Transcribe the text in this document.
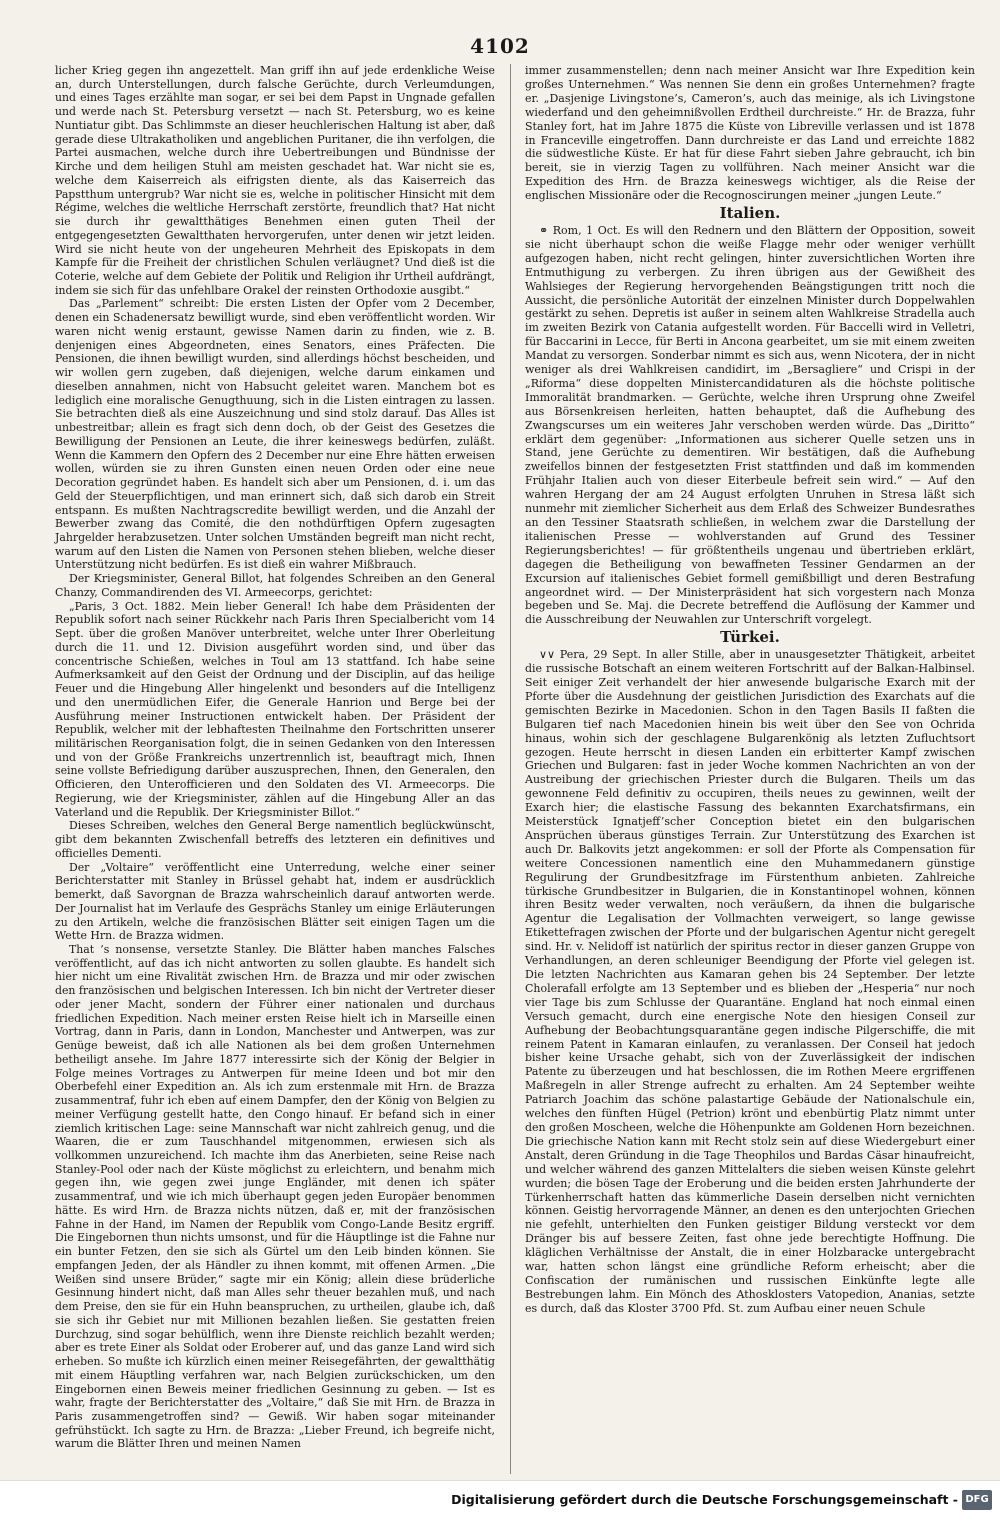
4102

licher Krieg gegen ihn angezettelt. Man griff ihn auf jede erdenkliche Weise an, durch Unterstellungen, durch falsche Gerüchte, durch Verleumdungen, und eines Tages erzählte man sogar, er sei bei dem Papst in Ungnade gefallen und werde nach St. Petersburg versetzt — nach St. Petersburg, wo es keine Nuntiatur gibt. Das Schlimmste an dieser heuchlerischen Haltung ist aber, daß gerade diese Ultrakatholiken und angeblichen Puritaner, die ihn verfolgen, die Partei ausmachen, welche durch ihre Uebertreibungen und Bündnisse der Kirche und dem heiligen Stuhl am meisten geschadet hat. War nicht sie es, welche dem Kaiserreich als eifrigsten diente, als das Kaiserreich das Papstthum untergrub? War nicht sie es, welche in politischer Hinsicht mit dem Régime, welches die weltliche Herrschaft zerstörte, freundlich that? Hat nicht sie durch ihr gewaltthätiges Benehmen einen guten Theil der entgegengesetzten Gewaltthaten hervorgerufen, unter denen wir jetzt leiden. Wird sie nicht heute von der ungeheuren Mehrheit des Episkopats in dem Kampfe für die Freiheit der christlichen Schulen verläugnet? Und dieß ist die Coterie, welche auf dem Gebiete der Politik und Religion ihr Urtheil aufdrängt, indem sie sich für das unfehlbare Orakel der reinsten Orthodoxie ausgibt.“

Das „Parlement“ schreibt: Die ersten Listen der Opfer vom 2 December, denen ein Schadenersatz bewilligt wurde, sind eben veröffentlicht worden. Wir waren nicht wenig erstaunt, gewisse Namen darin zu finden, wie z. B. denjenigen eines Abgeordneten, eines Senators, eines Präfecten. Die Pensionen, die ihnen bewilligt wurden, sind allerdings höchst bescheiden, und wir wollen gern zugeben, daß diejenigen, welche darum einkamen und dieselben annahmen, nicht von Habsucht geleitet waren. Manchem bot es lediglich eine moralische Genugthuung, sich in die Listen eintragen zu lassen. Sie betrachten dieß als eine Auszeichnung und sind stolz darauf. Das Alles ist unbestreitbar; allein es fragt sich denn doch, ob der Geist des Gesetzes die Bewilligung der Pensionen an Leute, die ihrer keineswegs bedürfen, zuläßt. Wenn die Kammern den Opfern des 2 December nur eine Ehre hätten erweisen wollen, würden sie zu ihren Gunsten einen neuen Orden oder eine neue Decoration gegründet haben. Es handelt sich aber um Pensionen, d. i. um das Geld der Steuerpflichtigen, und man erinnert sich, daß sich darob ein Streit entspann. Es mußten Nachtragscredite bewilligt werden, und die Anzahl der Bewerber zwang das Comité, die den nothdürftigen Opfern zugesagten Jahrgelder herabzusetzen. Unter solchen Umständen begreift man nicht recht, warum auf den Listen die Namen von Personen stehen blieben, welche dieser Unterstützung nicht bedürfen. Es ist dieß ein wahrer Mißbrauch.

Der Kriegsminister, General Billot, hat folgendes Schreiben an den General Chanzy, Commandirenden des VI. Armeecorps, gerichtet:

„Paris, 3 Oct. 1882. Mein lieber General! Ich habe dem Präsidenten der Republik sofort nach seiner Rückkehr nach Paris Ihren Specialbericht vom 14 Sept. über die großen Manöver unterbreitet, welche unter Ihrer Oberleitung durch die 11. und 12. Division ausgeführt worden sind, und über das concentrische Schießen, welches in Toul am 13 stattfand. Ich habe seine Aufmerksamkeit auf den Geist der Ordnung und der Disciplin, auf das heilige Feuer und die Hingebung Aller hingelenkt und besonders auf die Intelligenz und den unermüdlichen Eifer, die Generale Hanrion und Berge bei der Ausführung meiner Instructionen entwickelt haben. Der Präsident der Republik, welcher mit der lebhaftesten Theilnahme den Fortschritten unserer militärischen Reorganisation folgt, die in seinen Gedanken von den Interessen und von der Größe Frankreichs unzertrennlich ist, beauftragt mich, Ihnen seine vollste Befriedigung darüber auszusprechen, Ihnen, den Generalen, den Officieren, den Unterofficieren und den Soldaten des VI. Armeecorps. Die Regierung, wie der Kriegsminister, zählen auf die Hingebung Aller an das Vaterland und die Republik. Der Kriegsminister Billot.“

Dieses Schreiben, welches den General Berge namentlich beglückwünscht, gibt dem bekannten Zwischenfall betreffs des letzteren ein definitives und officielles Dementi.

Der „Voltaire“ veröffentlicht eine Unterredung, welche einer seiner Berichterstatter mit Stanley in Brüssel gehabt hat, indem er ausdrücklich bemerkt, daß Savorgnan de Brazza wahrscheinlich darauf antworten werde. Der Journalist hat im Verlaufe des Gesprächs Stanley um einige Erläuterungen zu den Artikeln, welche die französischen Blätter seit einigen Tagen um die Wette Hrn. de Brazza widmen.

That ’s nonsense, versetzte Stanley. Die Blätter haben manches Falsches veröffentlicht, auf das ich nicht antworten zu sollen glaubte. Es handelt sich hier nicht um eine Rivalität zwischen Hrn. de Brazza und mir oder zwischen den französischen und belgischen Interessen. Ich bin nicht der Vertreter dieser oder jener Macht, sondern der Führer einer nationalen und durchaus friedlichen Expedition. Nach meiner ersten Reise hielt ich in Marseille einen Vortrag, dann in Paris, dann in London, Manchester und Antwerpen, was zur Genüge beweist, daß ich alle Nationen als bei dem großen Unternehmen betheiligt ansehe. Im Jahre 1877 interessirte sich der König der Belgier in Folge meines Vortrages zu Antwerpen für meine Ideen und bot mir den Oberbefehl einer Expedition an. Als ich zum erstenmale mit Hrn. de Brazza zusammentraf, fuhr ich eben auf einem Dampfer, den der König von Belgien zu meiner Verfügung gestellt hatte, den Congo hinauf. Er befand sich in einer ziemlich kritischen Lage: seine Mannschaft war nicht zahlreich genug, und die Waaren, die er zum Tauschhandel mitgenommen, erwiesen sich als vollkommen unzureichend. Ich machte ihm das Anerbieten, seine Reise nach Stanley-Pool oder nach der Küste möglichst zu erleichtern, und benahm mich gegen ihn, wie gegen zwei junge Engländer, mit denen ich später zusammentraf, und wie ich mich überhaupt gegen jeden Europäer benommen hätte. Es wird Hrn. de Brazza nichts nützen, daß er, mit der französischen Fahne in der Hand, im Namen der Republik vom Congo-Lande Besitz ergriff. Die Eingebornen thun nichts umsonst, und für die Häuptlinge ist die Fahne nur ein bunter Fetzen, den sie sich als Gürtel um den Leib binden können. Sie empfangen Jeden, der als Händler zu ihnen kommt, mit offenen Armen. „Die Weißen sind unsere Brüder,“ sagte mir ein König; allein diese brüderliche Gesinnung hindert nicht, daß man Alles sehr theuer bezahlen muß, und nach dem Preise, den sie für ein Huhn beanspruchen, zu urtheilen, glaube ich, daß sie sich ihr Gebiet nur mit Millionen bezahlen ließen. Sie gestatten freien Durchzug, sind sogar behülflich, wenn ihre Dienste reichlich bezahlt werden; aber es trete Einer als Soldat oder Eroberer auf, und das ganze Land wird sich erheben. So mußte ich kürzlich einen meiner Reisegefährten, der gewaltthätig mit einem Häuptling verfahren war, nach Belgien zurückschicken, um den Eingebornen einen Beweis meiner friedlichen Gesinnung zu geben. — Ist es wahr, fragte der Berichterstatter des „Voltaire,“ daß Sie mit Hrn. de Brazza in Paris zusammengetroffen sind? — Gewiß. Wir haben sogar miteinander gefrühstückt. Ich sagte zu Hrn. de Brazza: „Lieber Freund, ich begreife nicht, warum die Blätter Ihren und meinen Namen

immer zusammenstellen; denn nach meiner Ansicht war Ihre Expedition kein großes Unternehmen.“ Was nennen Sie denn ein großes Unternehmen? fragte er. „Dasjenige Livingstone’s, Cameron’s, auch das meinige, als ich Livingstone wiederfand und den geheimnißvollen Erdtheil durchreiste.“ Hr. de Brazza, fuhr Stanley fort, hat im Jahre 1875 die Küste von Libreville verlassen und ist 1878 in Franceville eingetroffen. Dann durchreiste er das Land und erreichte 1882 die südwestliche Küste. Er hat für diese Fahrt sieben Jahre gebraucht, ich bin bereit, sie in vierzig Tagen zu vollführen. Nach meiner Ansicht war die Expedition des Hrn. de Brazza keineswegs wichtiger, als die Reise der englischen Missionäre oder die Recognoscirungen meiner „jungen Leute.“

Italien.

⚭ Rom, 1 Oct. Es will den Rednern und den Blättern der Opposition, soweit sie nicht überhaupt schon die weiße Flagge mehr oder weniger verhüllt aufgezogen haben, nicht recht gelingen, hinter zuversichtlichen Worten ihre Entmuthigung zu verbergen. Zu ihren übrigen aus der Gewißheit des Wahlsieges der Regierung hervorgehenden Beängstigungen tritt noch die Aussicht, die persönliche Autorität der einzelnen Minister durch Doppelwahlen gestärkt zu sehen. Depretis ist außer in seinem alten Wahlkreise Stradella auch im zweiten Bezirk von Catania aufgestellt worden. Für Baccelli wird in Velletri, für Baccarini in Lecce, für Berti in Ancona gearbeitet, um sie mit einem zweiten Mandat zu versorgen. Sonderbar nimmt es sich aus, wenn Nicotera, der in nicht weniger als drei Wahlkreisen candidirt, im „Bersagliere“ und Crispi in der „Riforma“ diese doppelten Ministercandidaturen als die höchste politische Immoralität brandmarken. — Gerüchte, welche ihren Ursprung ohne Zweifel aus Börsenkreisen herleiten, hatten behauptet, daß die Aufhebung des Zwangscurses um ein weiteres Jahr verschoben werden würde. Das „Diritto“ erklärt dem gegenüber: „Informationen aus sicherer Quelle setzen uns in Stand, jene Gerüchte zu dementiren. Wir bestätigen, daß die Aufhebung zweifellos binnen der festgesetzten Frist stattfinden und daß im kommenden Frühjahr Italien auch von dieser Eiterbeule befreit sein wird.“ — Auf den wahren Hergang der am 24 August erfolgten Unruhen in Stresa läßt sich nunmehr mit ziemlicher Sicherheit aus dem Erlaß des Schweizer Bundesrathes an den Tessiner Staatsrath schließen, in welchem zwar die Darstellung der italienischen Presse — wohlverstanden auf Grund des Tessiner Regierungsberichtes! — für größtentheils ungenau und übertrieben erklärt, dagegen die Betheiligung von bewaffneten Tessiner Gendarmen an der Excursion auf italienisches Gebiet formell gemißbilligt und deren Bestrafung angeordnet wird. — Der Ministerpräsident hat sich vorgestern nach Monza begeben und Se. Maj. die Decrete betreffend die Auflösung der Kammer und die Ausschreibung der Neuwahlen zur Unterschrift vorgelegt.

Türkei.

∨∨ Pera, 29 Sept. In aller Stille, aber in unausgesetzter Thätigkeit, arbeitet die russische Botschaft an einem weiteren Fortschritt auf der Balkan-Halbinsel. Seit einiger Zeit verhandelt der hier anwesende bulgarische Exarch mit der Pforte über die Ausdehnung der geistlichen Jurisdiction des Exarchats auf die gemischten Bezirke in Macedonien. Schon in den Tagen Basils II faßten die Bulgaren tief nach Macedonien hinein bis weit über den See von Ochrida hinaus, wohin sich der geschlagene Bulgarenkönig als letzten Zufluchtsort gezogen. Heute herrscht in diesen Landen ein erbitterter Kampf zwischen Griechen und Bulgaren: fast in jeder Woche kommen Nachrichten an von der Austreibung der griechischen Priester durch die Bulgaren. Theils um das gewonnene Feld definitiv zu occupiren, theils neues zu gewinnen, weilt der Exarch hier; die elastische Fassung des bekannten Exarchatsfirmans, ein Meisterstück Ignatjeff’scher Conception bietet ein den bulgarischen Ansprüchen überaus günstiges Terrain. Zur Unterstützung des Exarchen ist auch Dr. Balkovits jetzt angekommen: er soll der Pforte als Compensation für weitere Concessionen namentlich eine den Muhammedanern günstige Regulirung der Grundbesitzfrage im Fürstenthum anbieten. Zahlreiche türkische Grundbesitzer in Bulgarien, die in Konstantinopel wohnen, können ihren Besitz weder verwalten, noch veräußern, da ihnen die bulgarische Agentur die Legalisation der Vollmachten verweigert, so lange gewisse Etikettefragen zwischen der Pforte und der bulgarischen Agentur nicht geregelt sind. Hr. v. Nelidoff ist natürlich der spiritus rector in dieser ganzen Gruppe von Verhandlungen, an deren schleuniger Beendigung der Pforte viel gelegen ist. Die letzten Nachrichten aus Kamaran gehen bis 24 September. Der letzte Cholerafall erfolgte am 13 September und es blieben der „Hesperia“ nur noch vier Tage bis zum Schlusse der Quarantäne. England hat noch einmal einen Versuch gemacht, durch eine energische Note den hiesigen Conseil zur Aufhebung der Beobachtungsquarantäne gegen indische Pilgerschiffe, die mit reinem Patent in Kamaran einlaufen, zu veranlassen. Der Conseil hat jedoch bisher keine Ursache gehabt, sich von der Zuverlässigkeit der indischen Patente zu überzeugen und hat beschlossen, die im Rothen Meere ergriffenen Maßregeln in aller Strenge aufrecht zu erhalten. Am 24 September weihte Patriarch Joachim das schöne palastartige Gebäude der Nationalschule ein, welches den fünften Hügel (Petrion) krönt und ebenbürtig Platz nimmt unter den großen Moscheen, welche die Höhenpunkte am Goldenen Horn bezeichnen. Die griechische Nation kann mit Recht stolz sein auf diese Wiedergeburt einer Anstalt, deren Gründung in die Tage Theophilos und Bardas Cäsar hinaufreicht, und welcher während des ganzen Mittelalters die sieben weisen Künste gelehrt wurden; die bösen Tage der Eroberung und die beiden ersten Jahrhunderte der Türkenherrschaft hatten das kümmerliche Dasein derselben nicht vernichten können. Geistig hervorragende Männer, an denen es den unterjochten Griechen nie gefehlt, unterhielten den Funken geistiger Bildung versteckt vor dem Dränger bis auf bessere Zeiten, fast ohne jede berechtigte Hoffnung. Die kläglichen Verhältnisse der Anstalt, die in einer Holzbaracke untergebracht war, hatten schon längst eine gründliche Reform erheischt; aber die Confiscation der rumänischen und russischen Einkünfte legte alle Bestrebungen lahm. Ein Mönch des Athosklosters Vatopedion, Ananias, setzte es durch, daß das Kloster 3700 Pfd. St. zum Aufbau einer neuen Schule

Digitalisierung gefördert durch die Deutsche Forschungsgemeinschaft - DFG
